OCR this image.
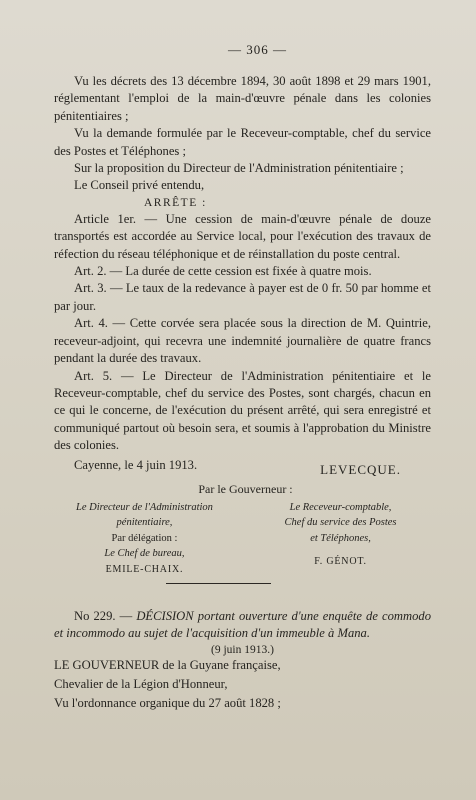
— 306 —

Vu les décrets des 13 décembre 1894, 30 août 1898 et 29 mars 1901, réglementant l'emploi de la main-d'œuvre pénale dans les colonies pénitentiaires ;

Vu la demande formulée par le Receveur-comptable, chef du service des Postes et Téléphones ;

Sur la proposition du Directeur de l'Administration pénitentiaire ;

Le Conseil privé entendu,

ARRÊTE :

Article 1er. — Une cession de main-d'œuvre pénale de douze transportés est accordée au Service local, pour l'exécution des travaux de réfection du réseau téléphonique et de réinstallation du poste central.

Art. 2. — La durée de cette cession est fixée à quatre mois.

Art. 3. — Le taux de la redevance à payer est de 0 fr. 50 par homme et par jour.

Art. 4. — Cette corvée sera placée sous la direction de M. Quintrie, receveur-adjoint, qui recevra une indemnité journalière de quatre francs pendant la durée des travaux.

Art. 5. — Le Directeur de l'Administration pénitentiaire et le Receveur-comptable, chef du service des Postes, sont chargés, chacun en ce qui le concerne, de l'exécution du présent arrêté, qui sera enregistré et communiqué partout où besoin sera, et soumis à l'approbation du Ministre des colonies.

Cayenne, le 4 juin 1913.	LEVECQUE.
Par le Gouverneur :
Le Directeur de l'Administration
pénitentiaire,
Par délégation :
Le Chef de bureau,
EMILE-CHAIX.
Le Receveur-comptable,
Chef du service des Postes
et Téléphones,
F. GÉNOT.

No 229. — DÉCISION portant ouverture d'une enquête de commodo et incommodo au sujet de l'acquisition d'un immeuble à Mana.

(9 juin 1913.)

LE GOUVERNEUR de la Guyane française,

Chevalier de la Légion d'Honneur,

Vu l'ordonnance organique du 27 août 1828 ;
